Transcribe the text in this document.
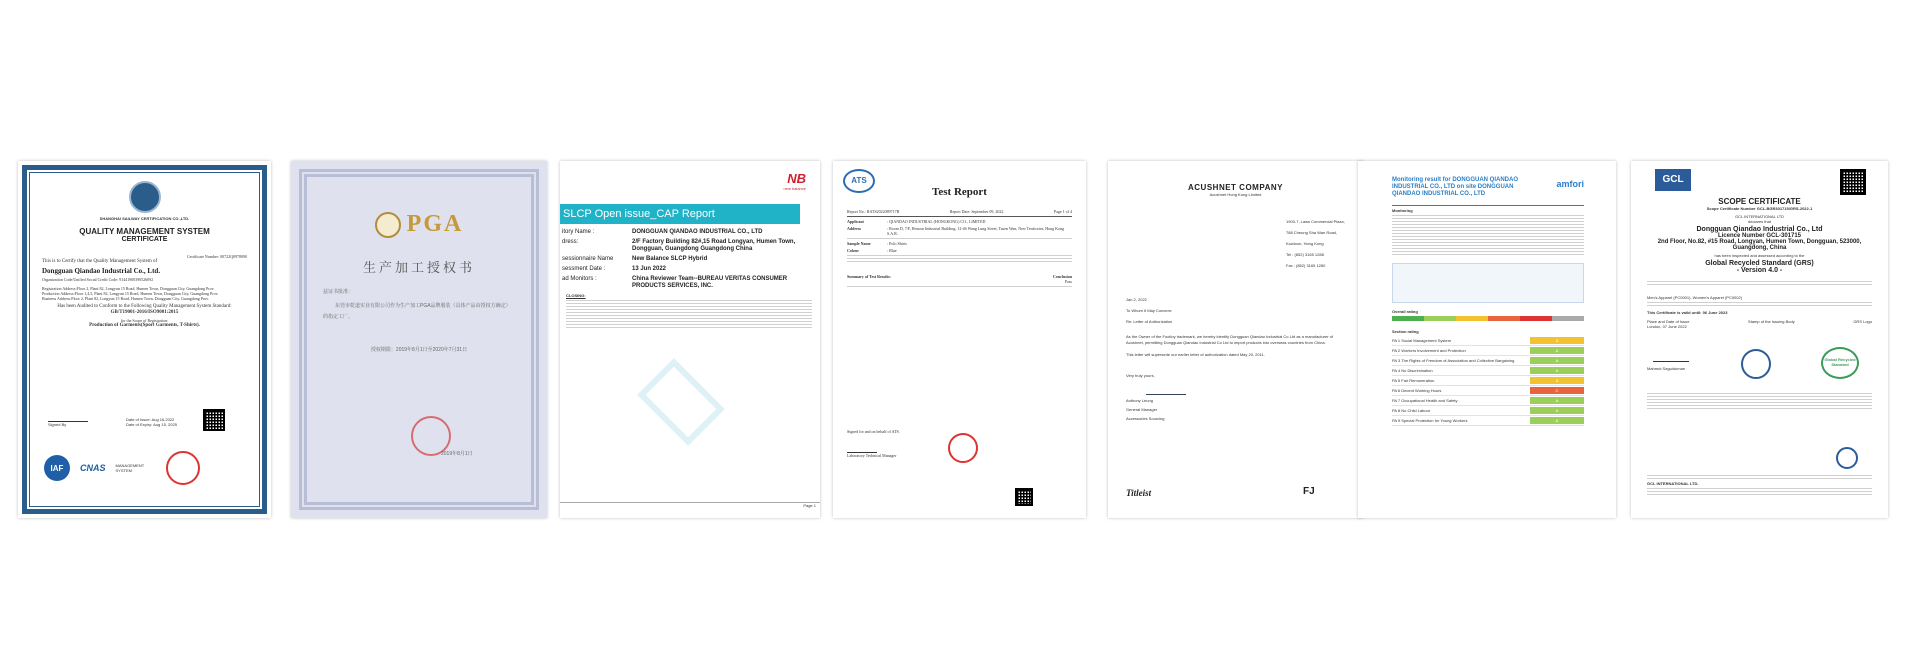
SHANGHAI SAILWAY CERTIFICATION CO.,LTD.
QUALITY MANAGEMENT SYSTEM
CERTIFICATE
Certificate Number: 00722Q0978090
This is to Certify that the Quality Management System of
Dongguan Qiandao Industrial Co., Ltd.
Organization Code/Unified Social Credit Code: 91441900390526092
Registration Address:Floor 2, Plant 82, Longyun 15 Road, Humen Town, Dongguan City, Guangdong Prov.
Production Address:Floor 1,4,5, Plant 82, Longyun 15 Road, Humen Town, Dongguan City, Guangdong Prov.
Business Address:Floor 2, Plant 82, Longyun 15 Road, Humen Town, Dongguan City, Guangdong Prov.
Has been Audited to Conform to the Following Quality Management System Standard:
GB/T19001-2016/ISO9001:2015
for the Scope of Registration:
Production of Garments(Sport Garments, T-Shirts).
Signed By
Date of Issue: Aug 16,2022
Date of Expiry: Aug 15, 2025
IAF CNAS	MANAGEMENT SYSTEM
PGA
生产加工授权书
兹证书批准：
东莞市乾道实业有限公司作为生产加工PGA品牌服装（具体产品由授权方确定）的指定工厂。
授权期限：2019年8月1日至2020年7月31日
2019年8月1日
NB
new balance
SLCP Open issue_CAP Report
itory Name :	DONGGUAN QIANDAO INDUSTRIAL CO., LTD
dress:	2/F Factory Building 82#,15 Road Longyan, Humen Town, Dongguan, Guangdong Guangdong China
sessionnaire Name	New Balance SLCP Hybrid
sessment Date :	13 Jun 2022
ad Monitors :	China Reviewer Team--BUREAU VERITAS CONSUMER PRODUCTS SERVICES, INC.
CLOSING:
Page 1
ATS
Test Report
Report No.: RATS2022089717B	Report Date: September 09, 2022	Page 1 of 4
Applicant	: QIANDAO INDUSTRIAL (HONGKONG) CO., LIMITED
Address	: Room D, 7/F, Honour Industrial Building, 12-46 Wang Lung Street, Tsuen Wan, New Territories, Hong Kong S.A.R.
Sample Name	: Polo Shirts
Colour	: Blue
Summary of Test Results:	Conclusion
Pass
Signed for and on behalf of ATS.
Laboratory Technical Manager
ACUSHNET COMPANY
Acushnet Hong Kong Limited
1903-7, Laws Commercial Plaza,
788 Cheung Sha Wan Road,
Kowloon, Hong Kong
Tel : (852) 3165 1288
Fax : (852) 3165 1280
Jan 2, 2022
To Whom It May Concern:
Re: Letter of Authorization
As the Owner of the Footloy trademark, we hereby identify Dongguan Qiandao Industrial Co Ltd as a manufacturer of Acushnet, permitting Dongguan Qiandao Industrial Co Ltd to import products into overseas countries from China.
This letter will supersede our earlier letter of authorization dated May 20, 2011.
Very truly yours,
Anthony Leung
General Manager
Accessories Sourcing
Titleist	FJ
Monitoring result for DONGGUAN QIANDAO INDUSTRIAL CO., LTD on site DONGGUAN QIANDAO INDUSTRIAL CO., LTD
amfori
Monitoring
Overall rating
Section rating
PA 1 Social Management System	A
PA 2 Workers Involvement and Protection	A
PA 3 The Rights of Freedom of Association and Collective Bargaining	A
PA 4 No Discrimination	A
PA 5 Fair Remuneration	A
PA 6 Decent Working Hours	C
PA 7 Occupational Health and Safety	A
PA 8 No Child Labour	A
PA 9 Special Protection for Young Workers	A
GCL
SCOPE CERTIFICATE
Scope Certificate Number GCL-BGR301715/GRS-2022-1
GCL INTERNATIONAL LTD
declares that
Dongguan Qiandao Industrial Co., Ltd
Licence Number GCL-301715
2nd Floor, No.82, #15 Road, Longyan, Humen Town, Dongguan, 523000, Guangdong, China
has been inspected and assessed according to the
Global Recycled Standard (GRS)
- Version 4.0 -
Men's Apparel (PC0001), Women's Apparel (PC0002)
This Certificate is valid until: 06 June 2023
Place and Date of Issue
London, 07 June 2022
Stamp of the Issuing Body	GRS Logo
Mahmut Saguiduman
Global Recycled Standard
GCL INTERNATIONAL LTD.
